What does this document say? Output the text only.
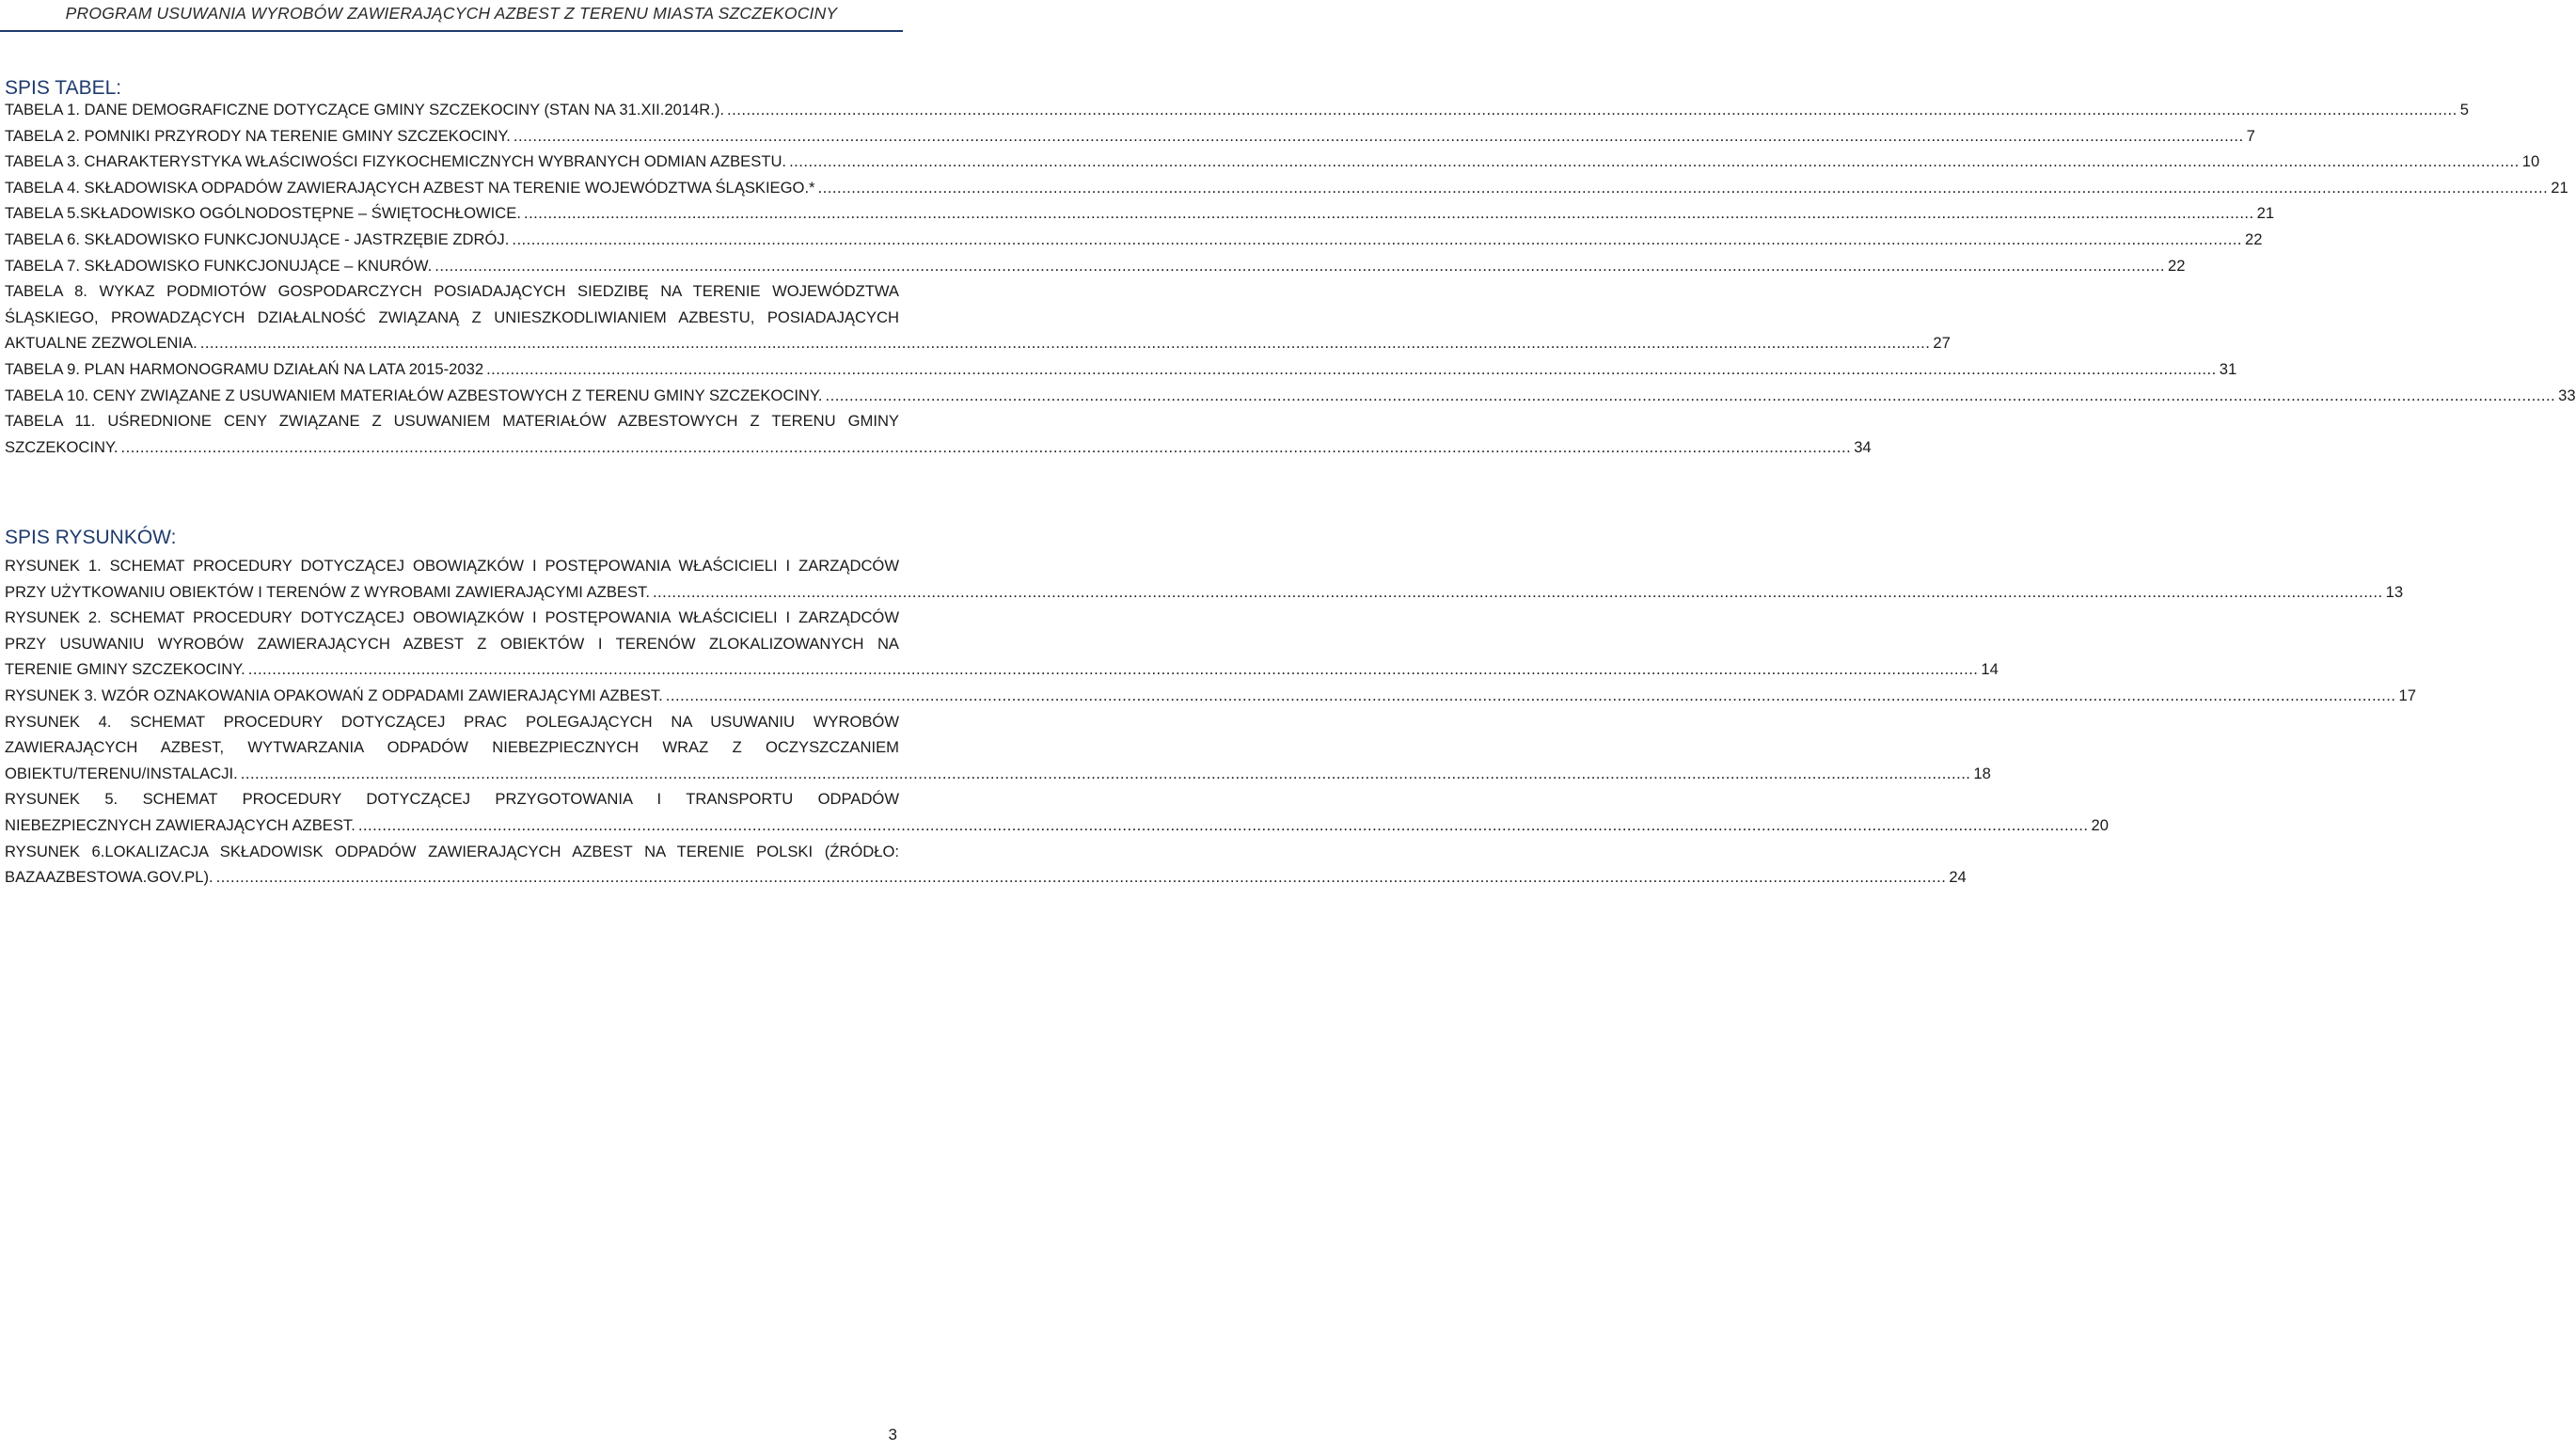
PROGRAM USUWANIA WYROBÓW ZAWIERAJĄCYCH AZBEST Z TERENU MIASTA SZCZEKOCINY
SPIS TABEL:
TABELA 1. DANE DEMOGRAFICZNE DOTYCZĄCE GMINY SZCZEKOCINY (STAN NA 31.XII.2014R.). .....	5
TABELA 2. POMNIKI PRZYRODY NA TERENIE GMINY SZCZEKOCINY. .....	7
TABELA 3. CHARAKTERYSTYKA WŁAŚCIWOŚCI FIZYKOCHEMICZNYCH WYBRANYCH ODMIAN AZBESTU. .....	10
TABELA 4. SKŁADOWISKA ODPADÓW ZAWIERAJĄCYCH AZBEST NA TERENIE WOJEWÓDZTWA ŚLĄSKIEGO.* .....	21
TABELA 5.SKŁADOWISKO OGÓLNODOSTĘPNE – ŚWIĘTOCHŁOWICE. .....	21
TABELA 6. SKŁADOWISKO FUNKCJONUJĄCE - JASTRZĘBIE ZDRÓJ. .....	22
TABELA 7. SKŁADOWISKO FUNKCJONUJĄCE – KNURÓW. .....	22
TABELA 8. WYKAZ PODMIOTÓW GOSPODARCZYCH POSIADAJĄCYCH SIEDZIBĘ NA TERENIE WOJEWÓDZTWA
ŚLĄSKIEGO, PROWADZĄCYCH DZIAŁALNOŚĆ ZWIĄZANĄ Z UNIESZKODLIWIANIEM AZBESTU, POSIADAJĄCYCH
AKTUALNE ZEZWOLENIA. .....	27
TABELA 9. PLAN HARMONOGRAMU DZIAŁAŃ NA LATA 2015-2032 .....	31
TABELA 10. CENY ZWIĄZANE Z USUWANIEM MATERIAŁÓW AZBESTOWYCH Z TERENU GMINY SZCZEKOCINY. .....	33
TABELA 11. UŚREDNIONE CENY ZWIĄZANE Z USUWANIEM MATERIAŁÓW AZBESTOWYCH Z TERENU GMINY
SZCZEKOCINY. .....	34
SPIS RYSUNKÓW:
RYSUNEK 1. SCHEMAT PROCEDURY DOTYCZĄCEJ OBOWIĄZKÓW I POSTĘPOWANIA WŁAŚCICIELI I ZARZĄDCÓW
PRZY UŻYTKOWANIU OBIEKTÓW I TERENÓW Z WYROBAMI ZAWIERAJĄCYMI AZBEST. .....	13
RYSUNEK 2. SCHEMAT PROCEDURY DOTYCZĄCEJ OBOWIĄZKÓW I POSTĘPOWANIA WŁAŚCICIELI I ZARZĄDCÓW
PRZY USUWANIU WYROBÓW ZAWIERAJĄCYCH AZBEST Z OBIEKTÓW I TERENÓW ZLOKALIZOWANYCH NA
TERENIE GMINY SZCZEKOCINY. .....	14
RYSUNEK 3. WZÓR OZNAKOWANIA OPAKOWAŃ Z ODPADAMI ZAWIERAJĄCYMI AZBEST. .....	17
RYSUNEK 4. SCHEMAT PROCEDURY DOTYCZĄCEJ PRAC POLEGAJĄCYCH NA USUWANIU WYROBÓW
ZAWIERAJĄCYCH AZBEST, WYTWARZANIA ODPADÓW NIEBEZPIECZNYCH WRAZ Z OCZYSZCZANIEM
OBIEKTU/TERENU/INSTALACJI. .....	18
RYSUNEK 5. SCHEMAT PROCEDURY DOTYCZĄCEJ PRZYGOTOWANIA I TRANSPORTU ODPADÓW
NIEBEZPIECZNYCH ZAWIERAJĄCYCH AZBEST. .....	20
RYSUNEK 6.LOKALIZACJA SKŁADOWISK ODPADÓW ZAWIERAJĄCYCH AZBEST NA TERENIE POLSKI (ŹRÓDŁO:
BAZAAZBESTOWA.GOV.PL). .....	24
3
